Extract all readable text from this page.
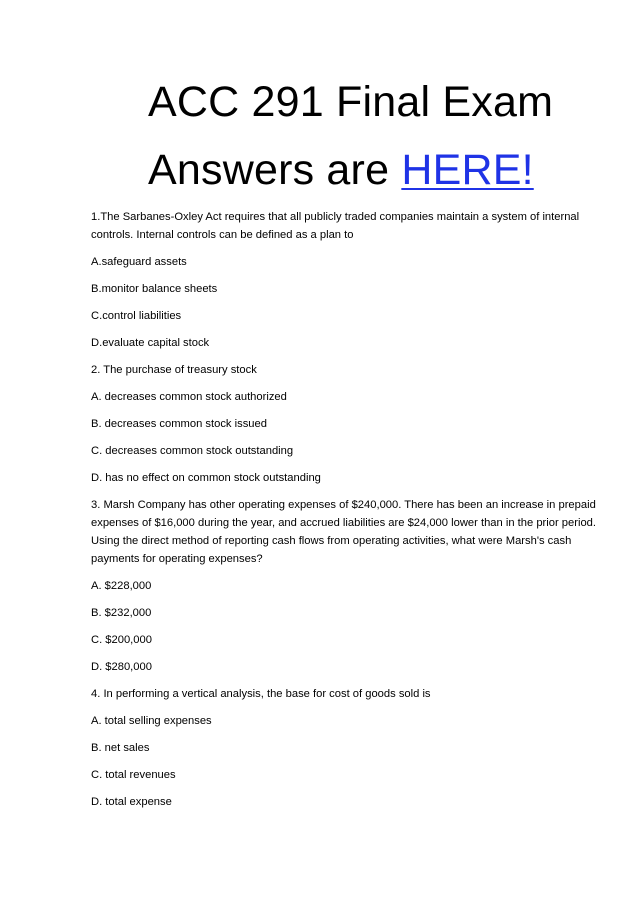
ACC 291 Final Exam
Answers are HERE!

1.The Sarbanes-Oxley Act requires that all publicly traded companies maintain a system of internal controls. Internal controls can be defined as a plan to

A.safeguard assets

B.monitor balance sheets

C.control liabilities

D.evaluate capital stock

2. The purchase of treasury stock

A. decreases common stock authorized

B. decreases common stock issued

C. decreases common stock outstanding

D. has no effect on common stock outstanding

3. Marsh Company has other operating expenses of $240,000. There has been an increase in prepaid expenses of $16,000 during the year, and accrued liabilities are $24,000 lower than in the prior period. Using the direct method of reporting cash flows from operating activities, what were Marsh's cash payments for operating expenses?

A. $228,000

B. $232,000

C. $200,000

D. $280,000

4. In performing a vertical analysis, the base for cost of goods sold is

A. total selling expenses

B. net sales

C. total revenues

D. total expense
